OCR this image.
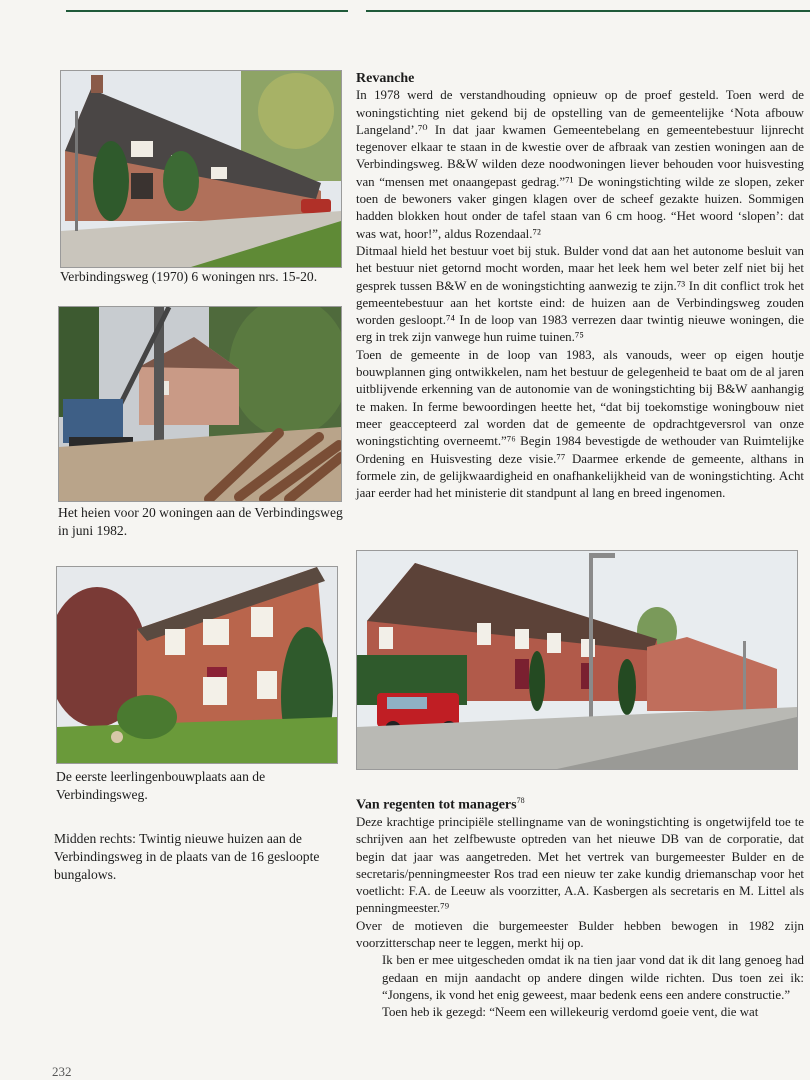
Verbindingsweg (1970) 6 woningen nrs. 15-20.

Het heien voor 20 woningen aan de Verbindingsweg in juni 1982.

De eerste leerlingenbouwplaats aan de Verbindingsweg.

Midden rechts: Twintig nieuwe huizen aan de Verbindingsweg in de plaats van de 16 gesloopte bungalows.

Revanche

In 1978 werd de verstandhouding opnieuw op de proef gesteld. Toen werd de woningstichting niet gekend bij de opstelling van de gemeentelijke ‘Nota afbouw Langeland’.⁷⁰ In dat jaar kwamen Gemeentebelang en gemeentebestuur lijnrecht tegenover elkaar te staan in de kwestie over de afbraak van zestien woningen aan de Verbindingsweg. B&W wilden deze noodwoningen liever behouden voor huisvesting van “mensen met onaangepast gedrag.”⁷¹ De woningstichting wilde ze slopen, zeker toen de bewoners vaker gingen klagen over de scheef gezakte huizen. Sommigen hadden blokken hout onder de tafel staan van 6 cm hoog. “Het woord ‘slopen’: dat was wat, hoor!”, aldus Rozendaal.⁷²

Ditmaal hield het bestuur voet bij stuk. Bulder vond dat aan het autonome besluit van het bestuur niet getornd mocht worden, maar het leek hem wel beter zelf niet bij het gesprek tussen B&W en de woningstichting aanwezig te zijn.⁷³ In dit conflict trok het gemeentebestuur aan het kortste eind: de huizen aan de Verbindingsweg zouden worden gesloopt.⁷⁴ In de loop van 1983 verrezen daar twintig nieuwe woningen, die erg in trek zijn vanwege hun ruime tuinen.⁷⁵

Toen de gemeente in de loop van 1983, als vanouds, weer op eigen houtje bouwplannen ging ontwikkelen, nam het bestuur de gelegenheid te baat om de al jaren uitblijvende erkenning van de autonomie van de woningstichting bij B&W aanhangig te maken. In ferme bewoordingen heette het, “dat bij toekomstige woningbouw niet meer geaccepteerd zal worden dat de gemeente de opdrachtgeversrol van onze woningstichting overneemt.”⁷⁶ Begin 1984 bevestigde de wethouder van Ruimtelijke Ordening en Huisvesting deze visie.⁷⁷ Daarmee erkende de gemeente, althans in formele zin, de gelijkwaardigheid en onafhankelijkheid van de woningstichting. Acht jaar eerder had het ministerie dit standpunt al lang en breed ingenomen.

Van regenten tot managers$^{78}$

Deze krachtige principiële stellingname van de woningstichting is ongetwijfeld toe te schrijven aan het zelfbewuste optreden van het nieuwe DB van de corporatie, dat begin dat jaar was aangetreden. Met het vertrek van burgemeester Bulder en de secretaris/penningmeester Ros trad een nieuw ter zake kundig driemanschap voor het voetlicht: F.A. de Leeuw als voorzitter, A.A. Kasbergen als secretaris en M. Littel als penningmeester.⁷⁹

Over de motieven die burgemeester Bulder hebben bewogen in 1982 zijn voorzitterschap neer te leggen, merkt hij op.

Ik ben er mee uitgescheden omdat ik na tien jaar vond dat ik dit lang genoeg had gedaan en mijn aandacht op andere dingen wilde richten. Dus toen zei ik: “Jongens, ik vond het enig geweest, maar bedenk eens een andere constructie.”

Toen heb ik gezegd: “Neem een willekeurig verdomd goeie vent, die wat

232
